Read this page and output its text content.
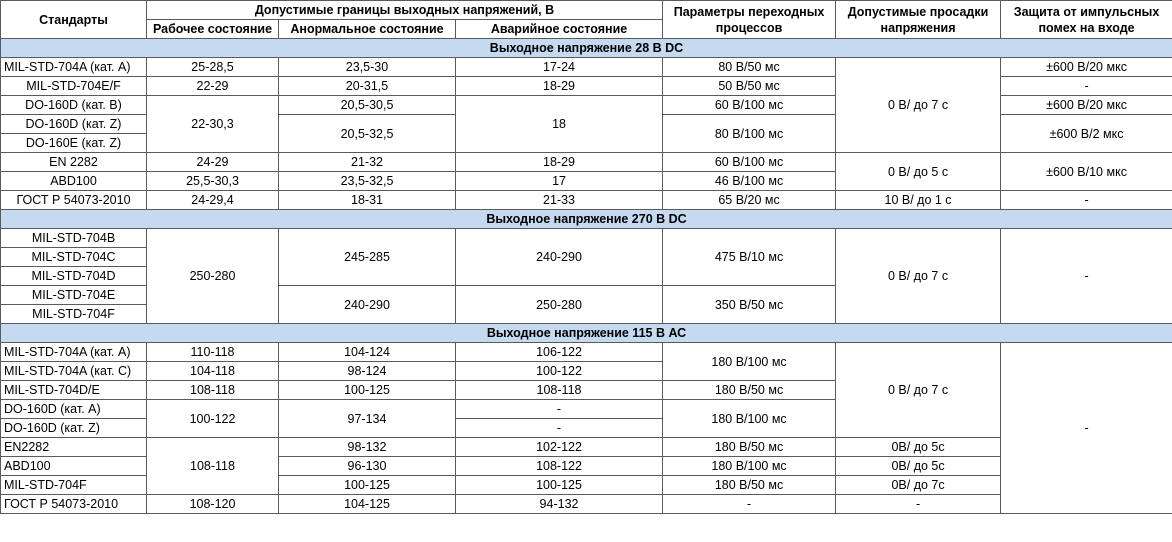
Стандарты	Допустимые границы выходных напряжений, В			Параметры переходных
процессов	Допустимые просадки
напряжения	Защита от импульсных
помех на входе
	Рабочее состояние	Анормальное состояние	Аварийное состояние			
Выходное напряжение 28 В DC						
MIL-STD-704A (кат. А)	25-28,5	23,5-30	17-24	80 В/50 мс	0 В/ до 7 с	±600 В/20 мкс
MIL-STD-704E/F	22-29	20-31,5	18-29	50 В/50 мс		-
DO-160D (кат. B)	22-30,3	20,5-30,5	18	60 В/100 мс		±600 В/20 мкс
DO-160D (кат. Z)		20,5-32,5		80 В/100 мс		±600 В/2 мкс
DO-160E (кат. Z)						
EN 2282	24-29	21-32	18-29	60 В/100 мс	0 В/ до 5 с	±600 В/10 мкс
ABD100	25,5-30,3	23,5-32,5	17	46 В/100 мс		
ГОСТ Р 54073-2010	24-29,4	18-31	21-33	65 В/20 мс	10 В/ до 1 с	-
Выходное напряжение 270 В DC						
MIL-STD-704B	250-280	245-285	240-290	475 В/10 мс	0 В/ до 7 с	-
MIL-STD-704C						
MIL-STD-704D						
MIL-STD-704E		240-290	250-280	350 В/50 мс		
MIL-STD-704F						
Выходное напряжение 115 В АС						
MIL-STD-704A (кат. А)	110-118	104-124	106-122	180 В/100 мс	0 В/ до 7 с	-
MIL-STD-704A (кат. С)	104-118	98-124	100-122			
MIL-STD-704D/E	108-118	100-125	108-118	180 В/50 мс		
DO-160D (кат. А)	100-122	97-134	-	180 В/100 мс		
DO-160D (кат. Z)			-			
EN2282	108-118	98-132	102-122	180 В/50 мс	0В/ до 5с	
ABD100		96-130	108-122	180 В/100 мс	0В/ до 5с	
MIL-STD-704F		100-125	100-125	180 В/50 мс	0В/ до 7с	
ГОСТ Р 54073-2010	108-120	104-125	94-132	-	-	
